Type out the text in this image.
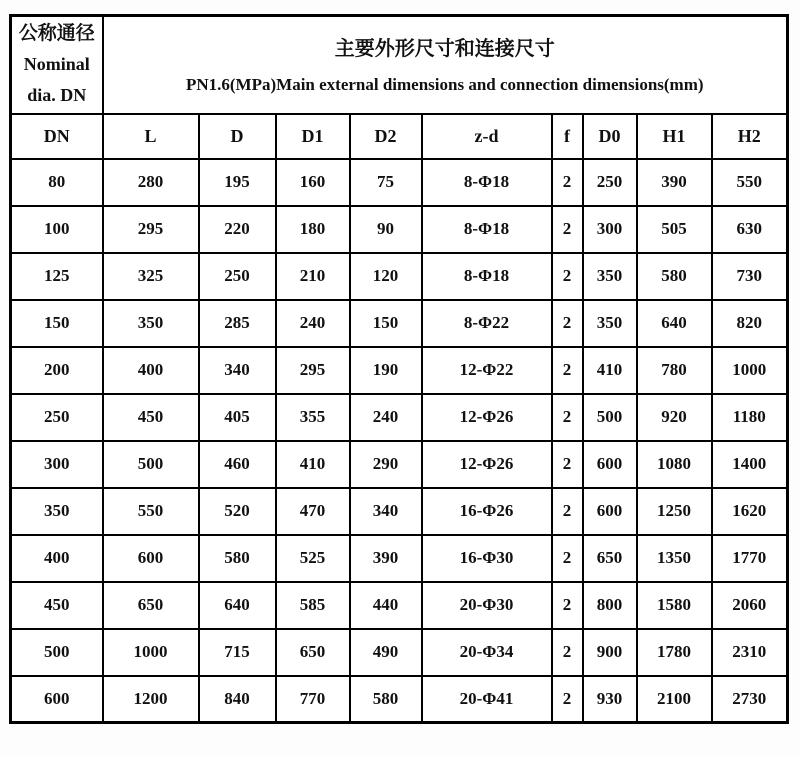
公称通径
Nominal
dia. DN

主要外形尺寸和连接尺寸
PN1.6(MPa)Main external dimensions and connection dimensions(mm)

DN	L	D	D1	D2	z-d	f	D0	H1	H2
80	280	195	160	75	8-Φ18	2	250	390	550
100	295	220	180	90	8-Φ18	2	300	505	630
125	325	250	210	120	8-Φ18	2	350	580	730
150	350	285	240	150	8-Φ22	2	350	640	820
200	400	340	295	190	12-Φ22	2	410	780	1000
250	450	405	355	240	12-Φ26	2	500	920	1180
300	500	460	410	290	12-Φ26	2	600	1080	1400
350	550	520	470	340	16-Φ26	2	600	1250	1620
400	600	580	525	390	16-Φ30	2	650	1350	1770
450	650	640	585	440	20-Φ30	2	800	1580	2060
500	1000	715	650	490	20-Φ34	2	900	1780	2310
600	1200	840	770	580	20-Φ41	2	930	2100	2730
